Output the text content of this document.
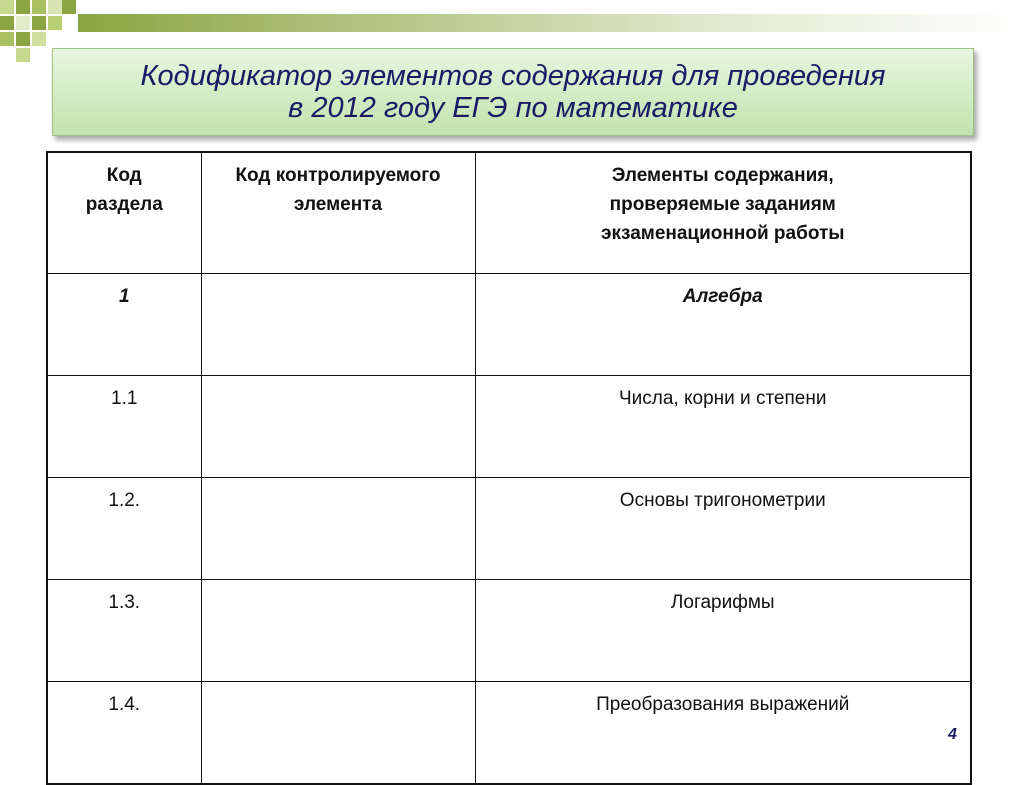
Кодификатор элементов содержания для проведения
в 2012 году ЕГЭ по математике
Код раздела	Код контролируемого элемента	Элементы содержания, проверяемые заданиям экзаменационной работы
1		Алгебра
1.1		Числа, корни и степени
1.2.		Основы тригонометрии
1.3.		Логарифмы
1.4.		Преобразования выражений
4
